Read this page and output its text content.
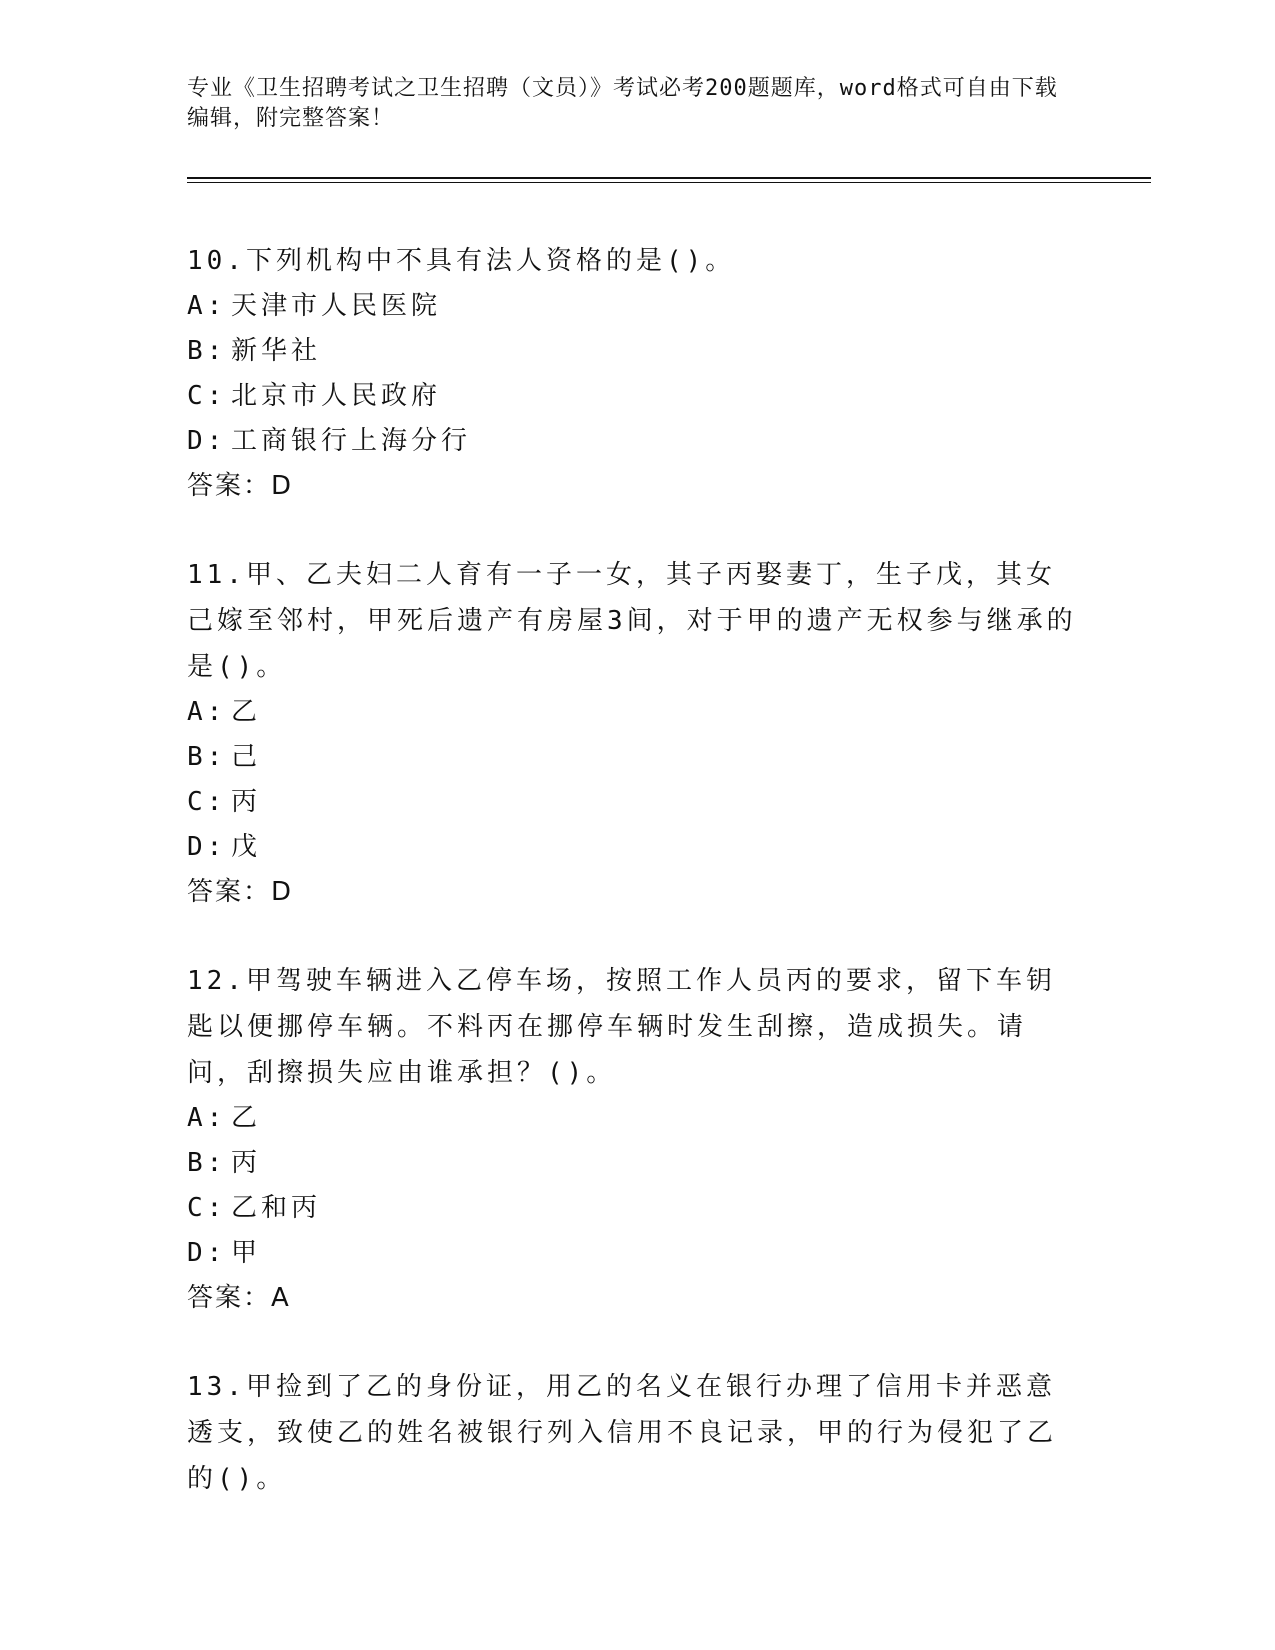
专业《卫生招聘考试之卫生招聘（文员）》考试必考200题题库，word格式可自由下载编辑，附完整答案！

10.下列机构中不具有法人资格的是()。

A: 天津市人民医院
B: 新华社
C: 北京市人民政府
D: 工商银行上海分行
答案：D

11.甲、乙夫妇二人育有一子一女，其子丙娶妻丁，生子戊，其女己嫁至邻村，甲死后遗产有房屋3间，对于甲的遗产无权参与继承的是()。

A: 乙
B: 己
C: 丙
D: 戊
答案：D

12.甲驾驶车辆进入乙停车场，按照工作人员丙的要求，留下车钥匙以便挪停车辆。不料丙在挪停车辆时发生刮擦，造成损失。请问，刮擦损失应由谁承担？()。

A: 乙
B: 丙
C: 乙和丙
D: 甲
答案：A

13.甲捡到了乙的身份证，用乙的名义在银行办理了信用卡并恶意透支，致使乙的姓名被银行列入信用不良记录，甲的行为侵犯了乙的()。
